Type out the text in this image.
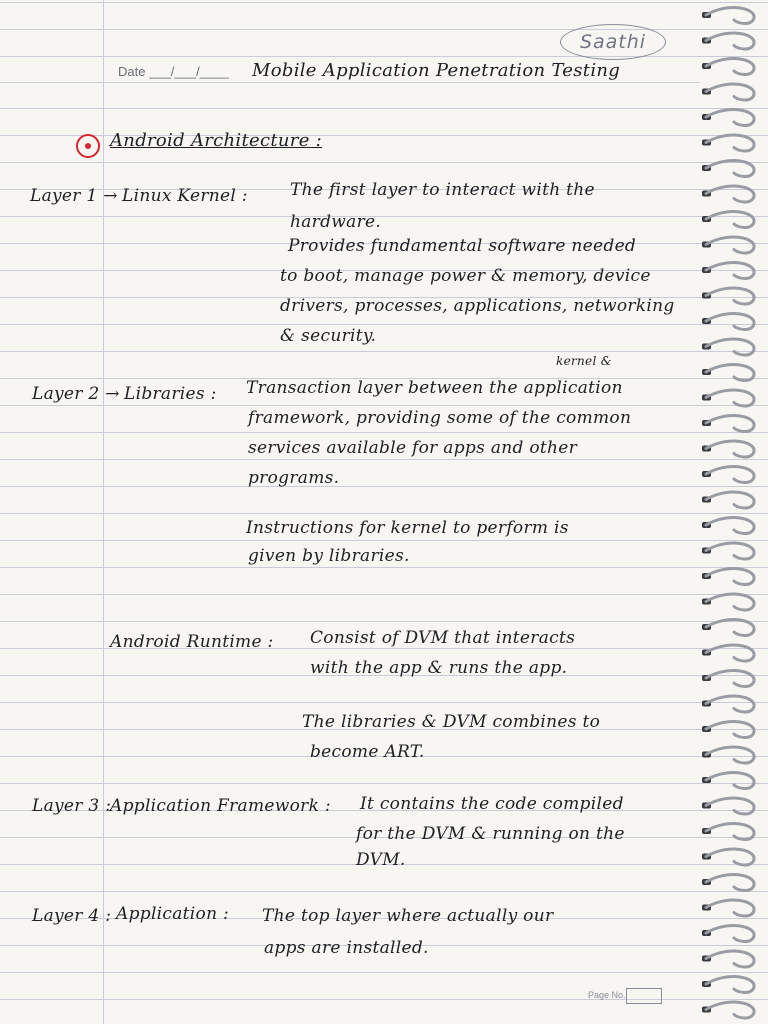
Saathi
Date ___/___/____ Mobile Application Penetration Testing
Android Architecture :
Layer 1 → Linux Kernel : The first layer to interact with the
hardware.
Provides fundamental software needed
to boot, manage power & memory, device
drivers, processes, applications, networking
& security.
Layer 2 → Libraries :
kernel &
Transaction layer between the application
framework, providing some of the common
services available for apps and other
programs.
Instructions for kernel to perform is
given by libraries.
Android Runtime : Consist of DVM that interacts
with the app & runs the app.
The libraries & DVM combines to
become ART.
Layer 3 :
Application Framework : It contains the code compiled
for the DVM & running on the
DVM.
Layer 4 : Application : The top layer where actually our
apps are installed.
Page No.
